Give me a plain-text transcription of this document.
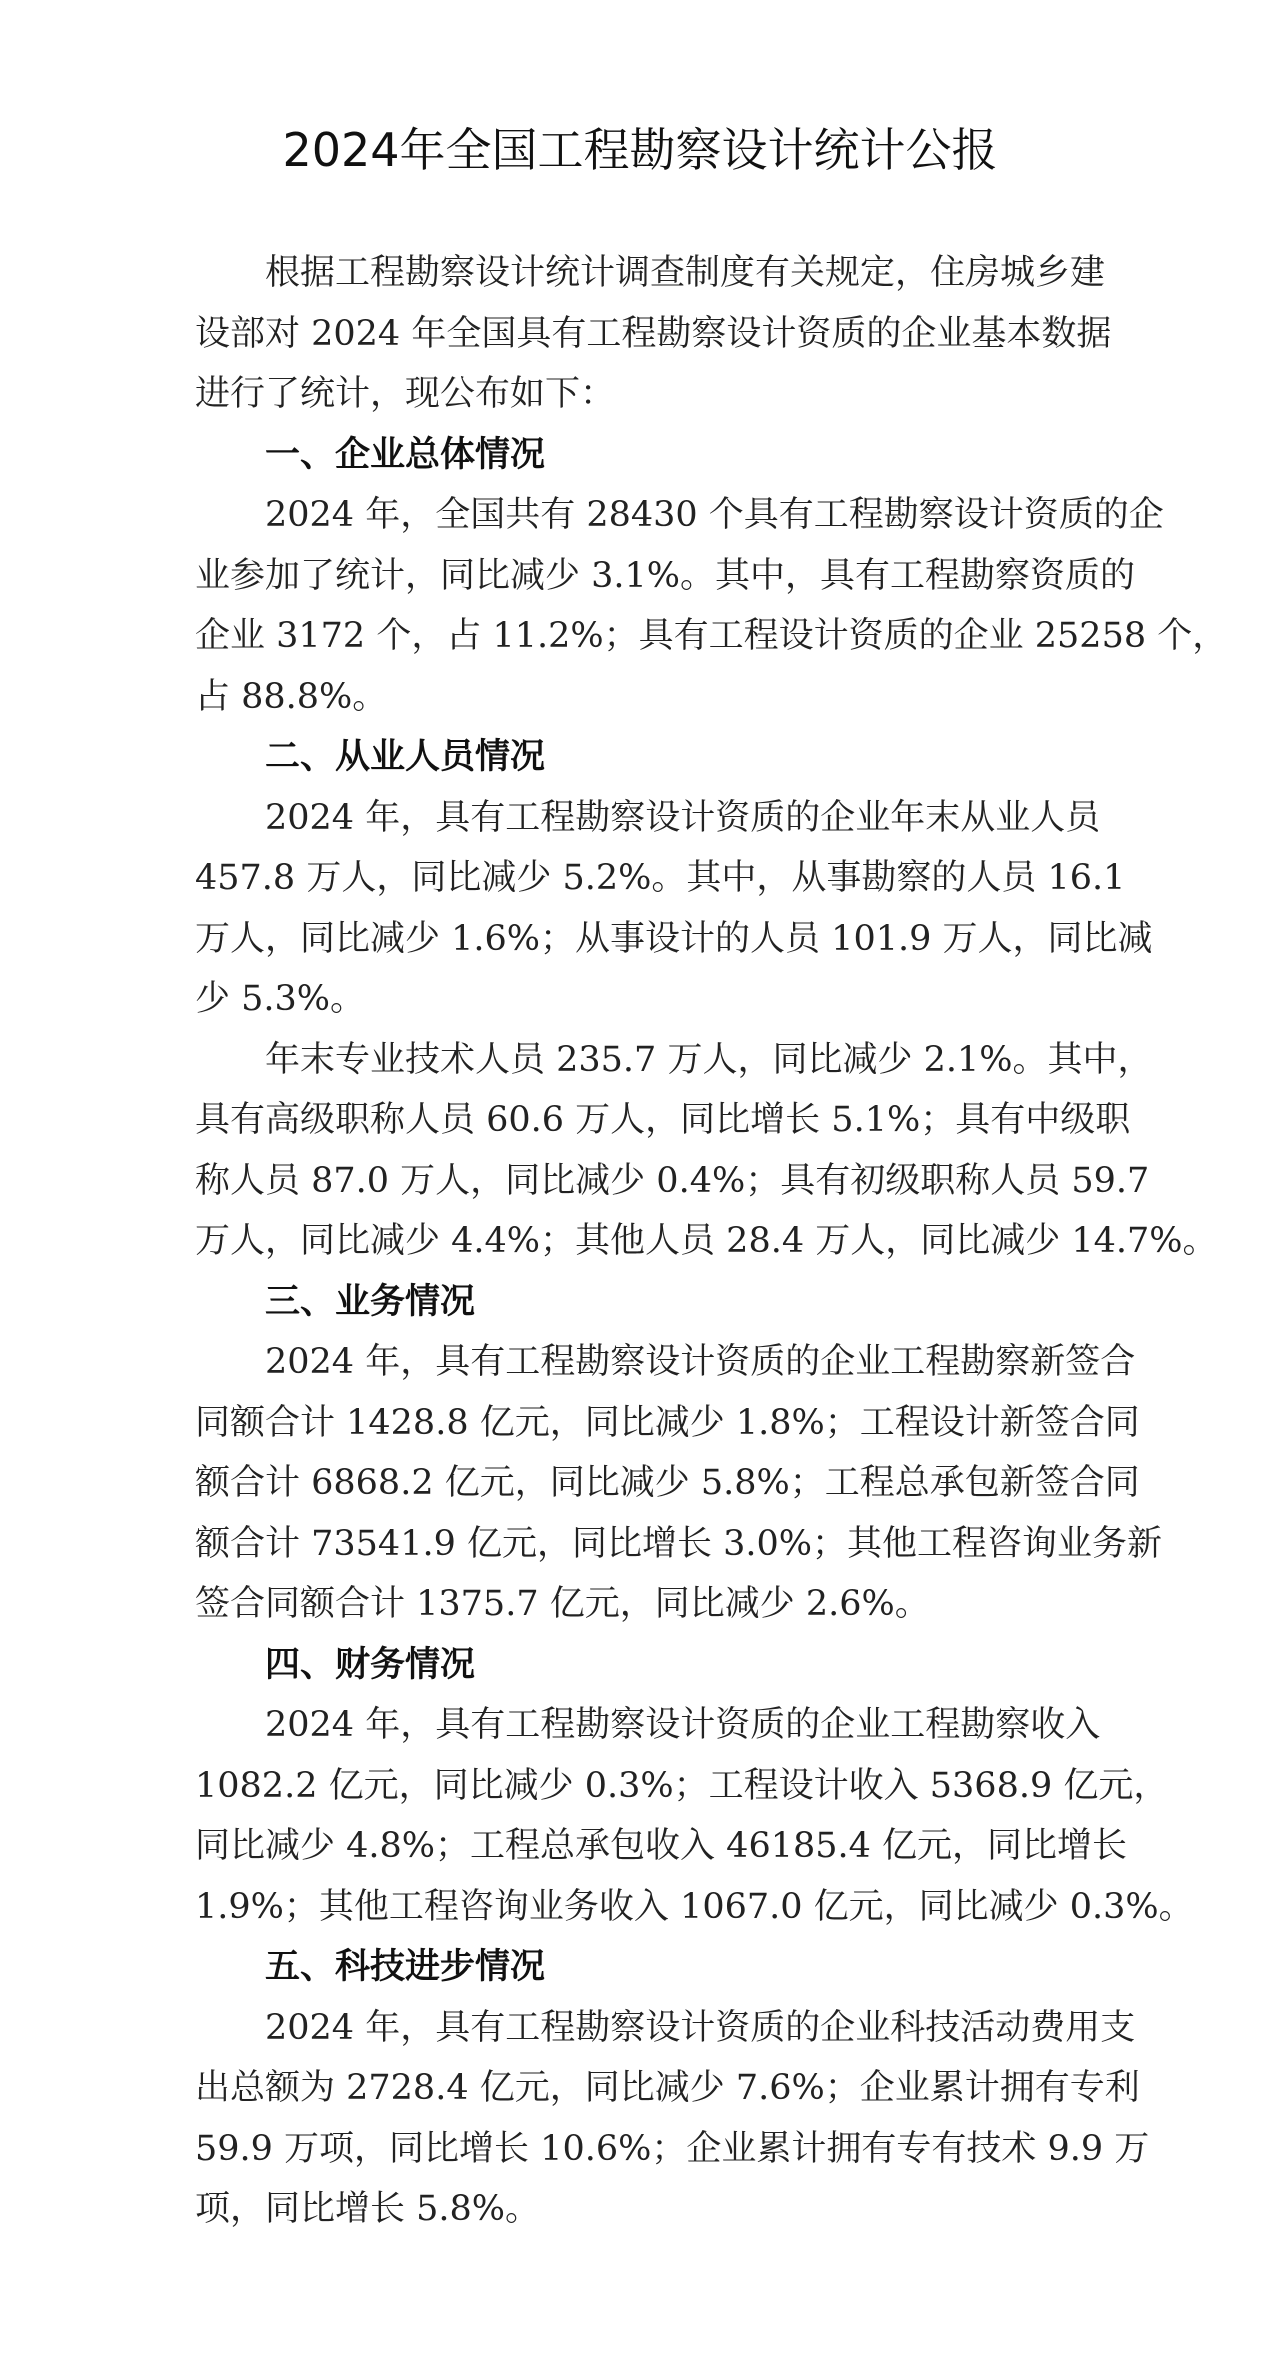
2024年全国工程勘察设计统计公报
根据工程勘察设计统计调查制度有关规定，住房城乡建
设部对 2024 年全国具有工程勘察设计资质的企业基本数据
进行了统计，现公布如下：
一、企业总体情况
2024 年，全国共有 28430 个具有工程勘察设计资质的企
业参加了统计，同比减少 3.1%。其中，具有工程勘察资质的
企业 3172 个，占 11.2%；具有工程设计资质的企业 25258 个，
占 88.8%。
二、从业人员情况
2024 年，具有工程勘察设计资质的企业年末从业人员
457.8 万人，同比减少 5.2%。其中，从事勘察的人员 16.1
万人，同比减少 1.6%；从事设计的人员 101.9 万人，同比减
少 5.3%。
年末专业技术人员 235.7 万人，同比减少 2.1%。其中，
具有高级职称人员 60.6 万人，同比增长 5.1%；具有中级职
称人员 87.0 万人，同比减少 0.4%；具有初级职称人员 59.7
万人，同比减少 4.4%；其他人员 28.4 万人，同比减少 14.7%。
三、业务情况
2024 年，具有工程勘察设计资质的企业工程勘察新签合
同额合计 1428.8 亿元，同比减少 1.8%；工程设计新签合同
额合计 6868.2 亿元，同比减少 5.8%；工程总承包新签合同
额合计 73541.9 亿元，同比增长 3.0%；其他工程咨询业务新
签合同额合计 1375.7 亿元，同比减少 2.6%。
四、财务情况
2024 年，具有工程勘察设计资质的企业工程勘察收入
1082.2 亿元，同比减少 0.3%；工程设计收入 5368.9 亿元，
同比减少 4.8%；工程总承包收入 46185.4 亿元，同比增长
1.9%；其他工程咨询业务收入 1067.0 亿元，同比减少 0.3%。
五、科技进步情况
2024 年，具有工程勘察设计资质的企业科技活动费用支
出总额为 2728.4 亿元，同比减少 7.6%；企业累计拥有专利
59.9 万项，同比增长 10.6%；企业累计拥有专有技术 9.9 万
项，同比增长 5.8%。
